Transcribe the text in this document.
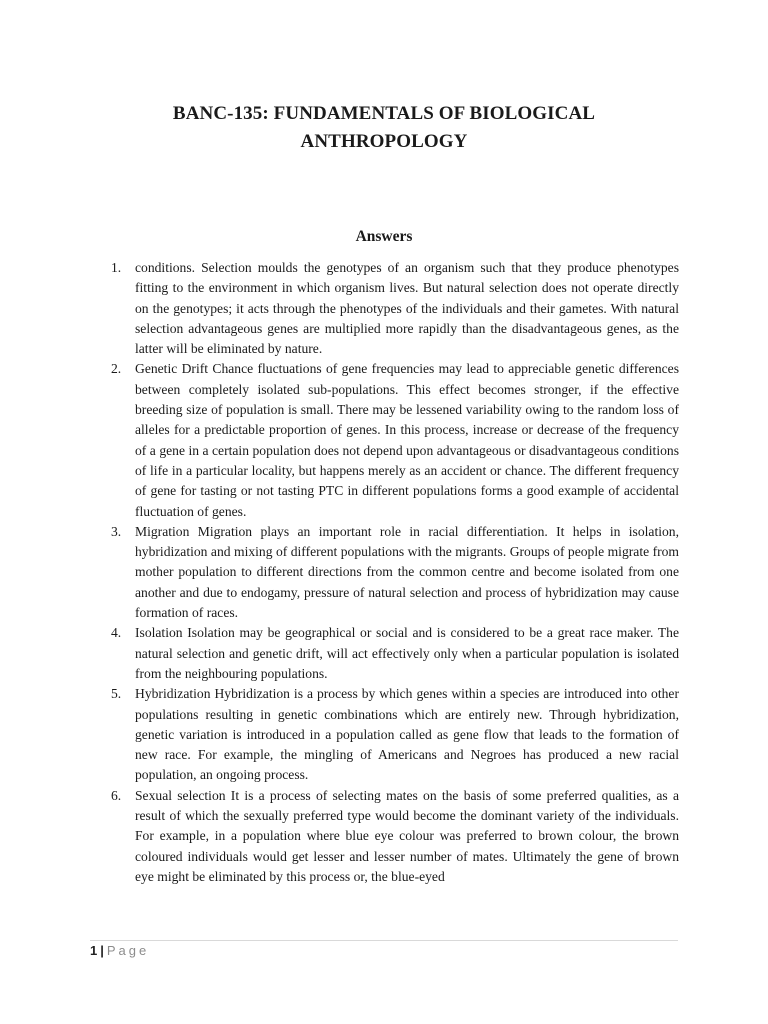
BANC-135: FUNDAMENTALS OF BIOLOGICAL
ANTHROPOLOGY
Answers
1. conditions. Selection moulds the genotypes of an organism such that they produce phenotypes fitting to the environment in which organism lives. But natural selection does not operate directly on the genotypes; it acts through the phenotypes of the individuals and their gametes. With natural selection advantageous genes are multiplied more rapidly than the disadvantageous genes, as the latter will be eliminated by nature.
2. Genetic Drift Chance fluctuations of gene frequencies may lead to appreciable genetic differences between completely isolated sub-populations. This effect becomes stronger, if the effective breeding size of population is small. There may be lessened variability owing to the random loss of alleles for a predictable proportion of genes. In this process, increase or decrease of the frequency of a gene in a certain population does not depend upon advantageous or disadvantageous conditions of life in a particular locality, but happens merely as an accident or chance. The different frequency of gene for tasting or not tasting PTC in different populations forms a good example of accidental fluctuation of genes.
3. Migration Migration plays an important role in racial differentiation. It helps in isolation, hybridization and mixing of different populations with the migrants. Groups of people migrate from mother population to different directions from the common centre and become isolated from one another and due to endogamy, pressure of natural selection and process of hybridization may cause formation of races.
4. Isolation Isolation may be geographical or social and is considered to be a great race maker. The natural selection and genetic drift, will act effectively only when a particular population is isolated from the neighbouring populations.
5. Hybridization Hybridization is a process by which genes within a species are introduced into other populations resulting in genetic combinations which are entirely new. Through hybridization, genetic variation is introduced in a population called as gene flow that leads to the formation of new race. For example, the mingling of Americans and Negroes has produced a new racial population, an ongoing process.
6. Sexual selection It is a process of selecting mates on the basis of some preferred qualities, as a result of which the sexually preferred type would become the dominant variety of the individuals. For example, in a population where blue eye colour was preferred to brown colour, the brown coloured individuals would get lesser and lesser number of mates. Ultimately the gene of brown eye might be eliminated by this process or, the blue-eyed
1 | Page
